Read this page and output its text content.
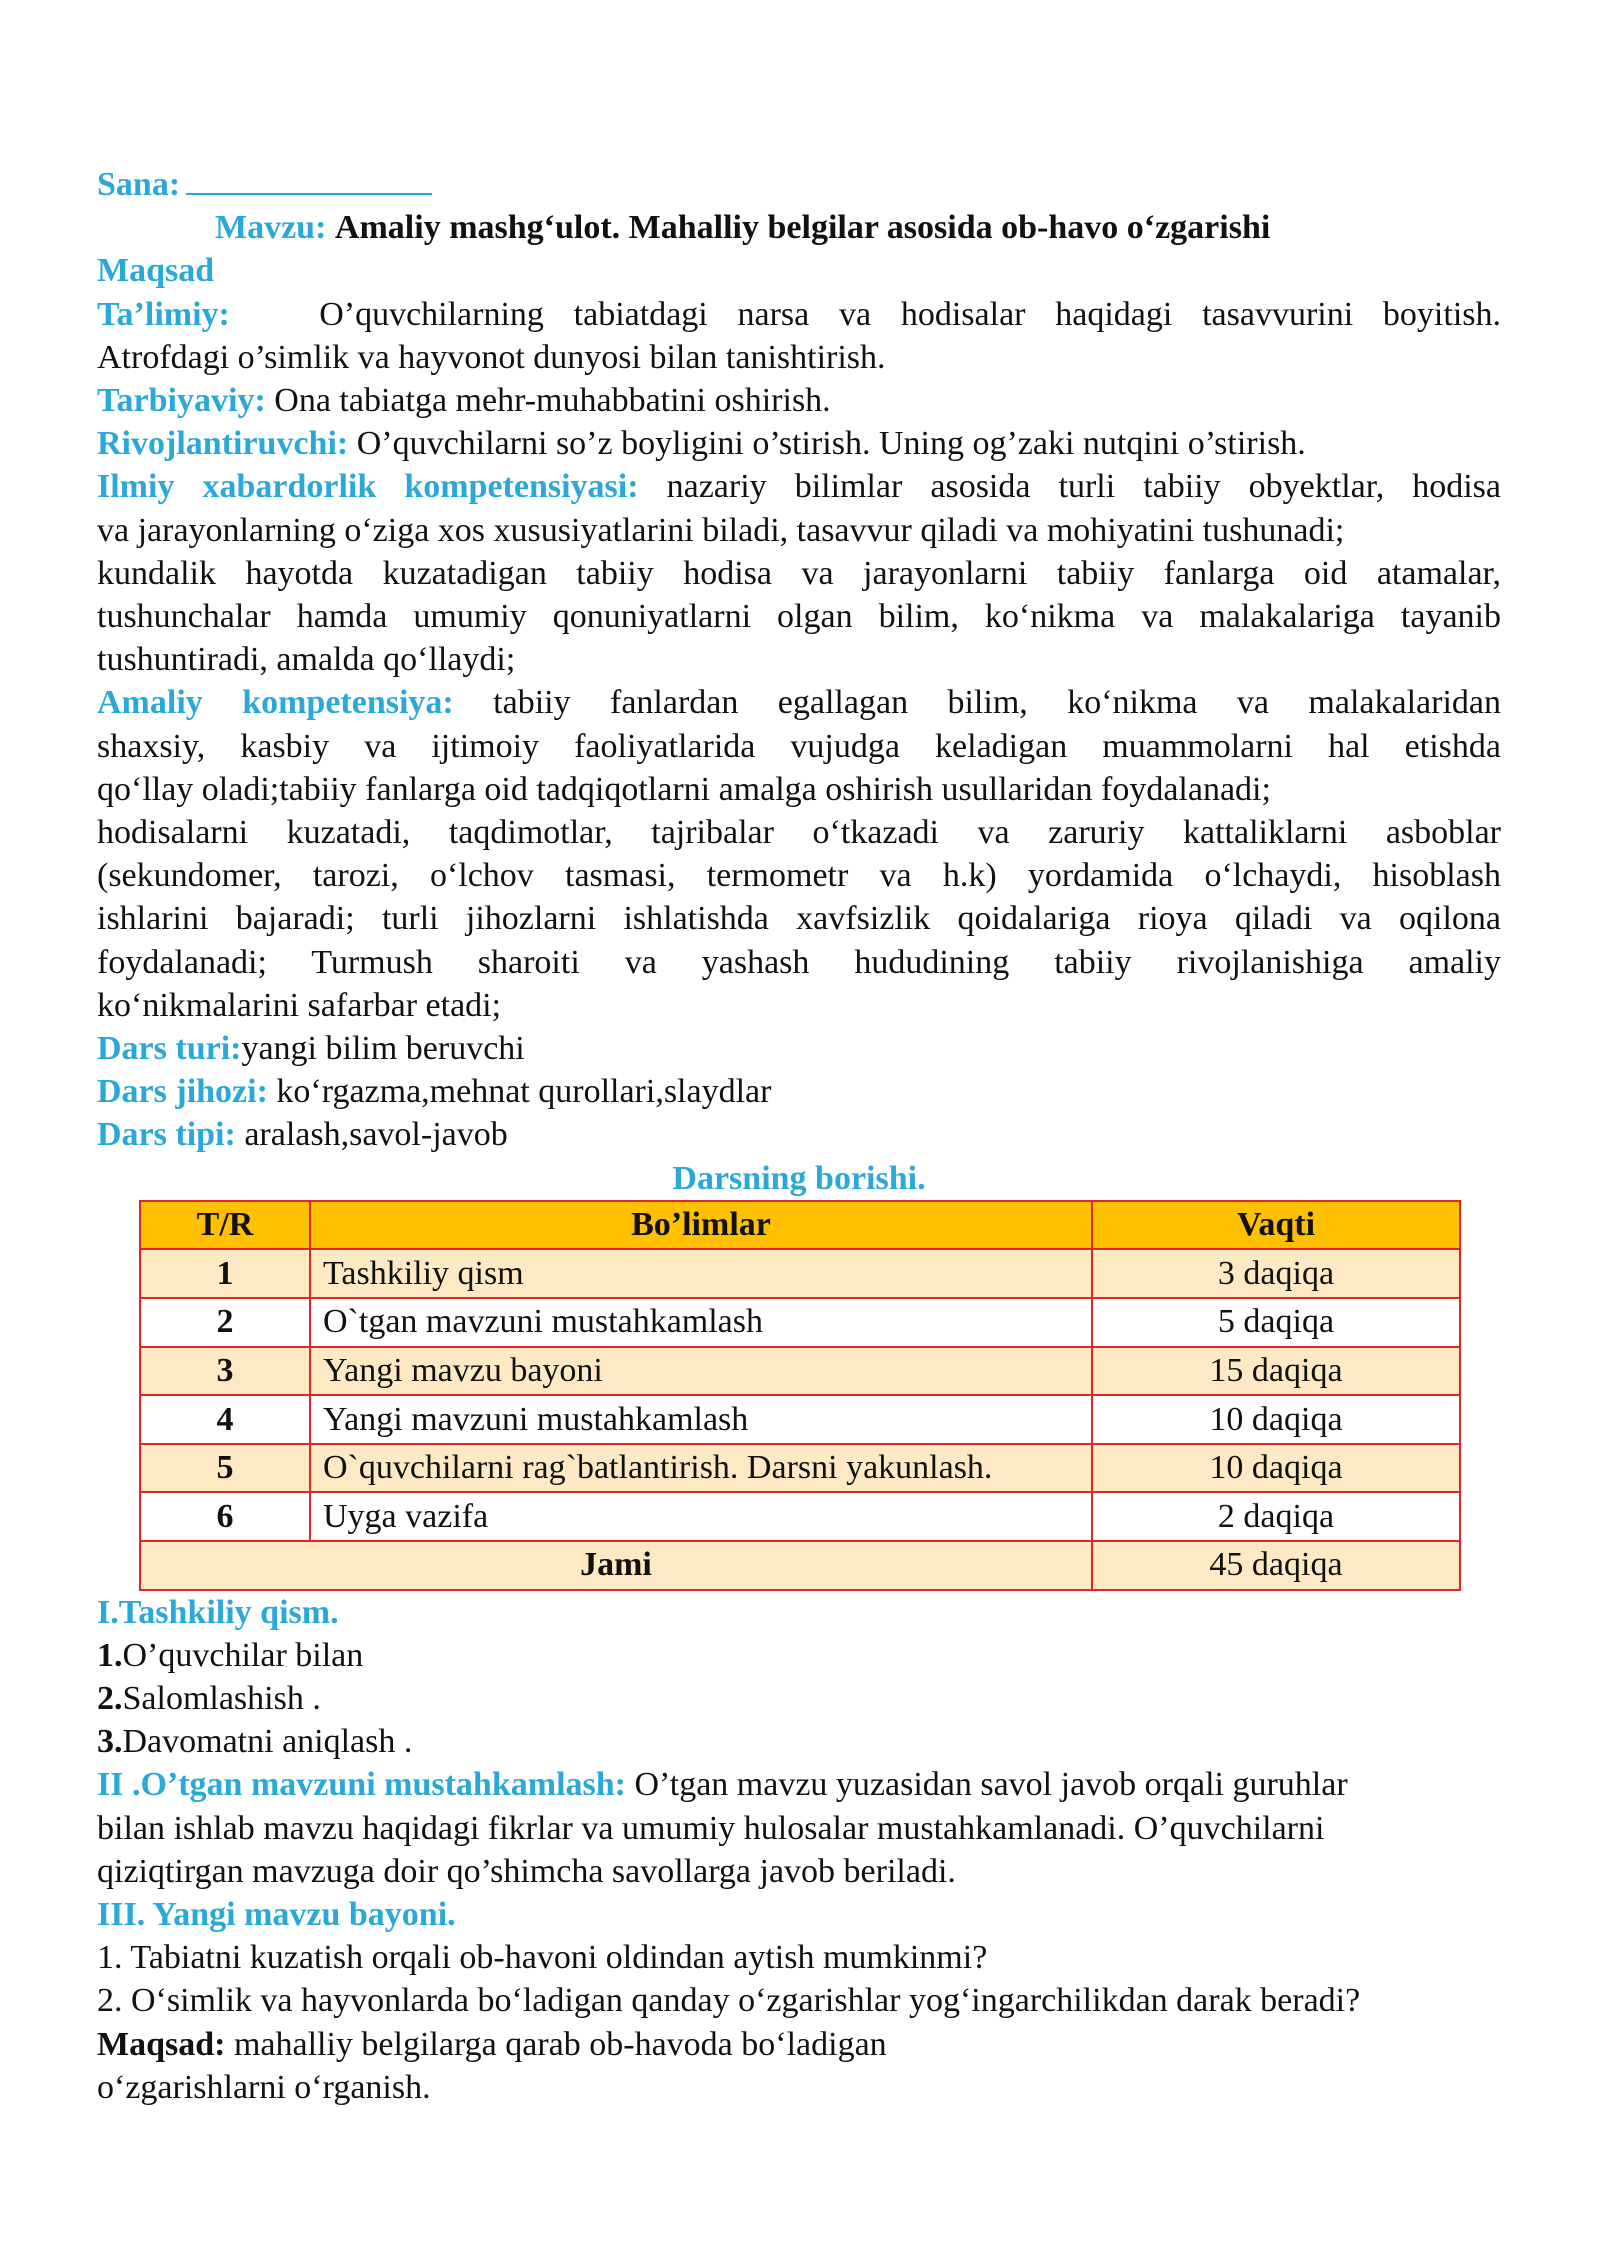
Sana:
Mavzu: Amaliy mashg‘ulot. Mahalliy belgilar asosida ob-havo o‘zgarishi
Maqsad
Ta’limiy:	O’quvchilarning tabiatdagi narsa va hodisalar haqidagi tasavvurini boyitish.
Atrofdagi o’simlik va hayvonot dunyosi bilan tanishtirish.
Tarbiyaviy: Ona tabiatga mehr-muhabbatini oshirish.
Rivojlantiruvchi: O’quvchilarni so’z boyligini o’stirish. Uning og’zaki nutqini o’stirish.
Ilmiy xabardorlik kompetensiyasi: nazariy bilimlar asosida turli tabiiy obyektlar, hodisa
va jarayonlarning o‘ziga xos xususiyatlarini biladi, tasavvur qiladi va mohiyatini tushunadi;
kundalik hayotda kuzatadigan tabiiy hodisa va jarayonlarni tabiiy fanlarga oid atamalar,
tushunchalar hamda umumiy qonuniyatlarni olgan bilim, ko‘nikma va malakalariga tayanib
tushuntiradi, amalda qo‘llaydi;
Amaliy kompetensiya: tabiiy fanlardan egallagan bilim, ko‘nikma va malakalaridan
shaxsiy, kasbiy va ijtimoiy faoliyatlarida vujudga keladigan muammolarni hal etishda
qo‘llay oladi;tabiiy fanlarga oid tadqiqotlarni amalga oshirish usullaridan foydalanadi;
hodisalarni kuzatadi, taqdimotlar, tajribalar o‘tkazadi va zaruriy kattaliklarni asboblar
(sekundomer, tarozi, o‘lchov tasmasi, termometr va h.k) yordamida o‘lchaydi, hisoblash
ishlarini bajaradi; turli jihozlarni ishlatishda xavfsizlik qoidalariga rioya qiladi va oqilona
foydalanadi; Turmush sharoiti va yashash hududining tabiiy rivojlanishiga amaliy
ko‘nikmalarini safarbar etadi;
Dars turi:yangi bilim beruvchi
Dars jihozi: ko‘rgazma,mehnat qurollari,slaydlar
Dars tipi: aralash,savol-javob
Darsning borishi.
T/R	Bo’limlar	Vaqti
1	Tashkiliy qism	3 daqiqa
2	O`tgan mavzuni mustahkamlash	5 daqiqa
3	Yangi mavzu bayoni	15 daqiqa
4	Yangi mavzuni mustahkamlash	10 daqiqa
5	O`quvchilarni rag`batlantirish. Darsni yakunlash.	10 daqiqa
6	Uyga vazifa	2 daqiqa
Jami		45 daqiqa
I.Tashkiliy qism.
1.O’quvchilar bilan
2.Salomlashish .
3.Davomatni aniqlash .
II .O’tgan mavzuni mustahkamlash: O’tgan mavzu yuzasidan savol javob orqali guruhlar
bilan ishlab mavzu haqidagi fikrlar va umumiy hulosalar mustahkamlanadi. O’quvchilarni
qiziqtirgan mavzuga doir qo’shimcha savollarga javob beriladi.
III. Yangi mavzu bayoni.
1. Tabiatni kuzatish orqali ob-havoni oldindan aytish mumkinmi?
2. O‘simlik va hayvonlarda bo‘ladigan qanday o‘zgarishlar yog‘ingarchilikdan darak beradi?
Maqsad: mahalliy belgilarga qarab ob-havoda bo‘ladigan
o‘zgarishlarni o‘rganish.
